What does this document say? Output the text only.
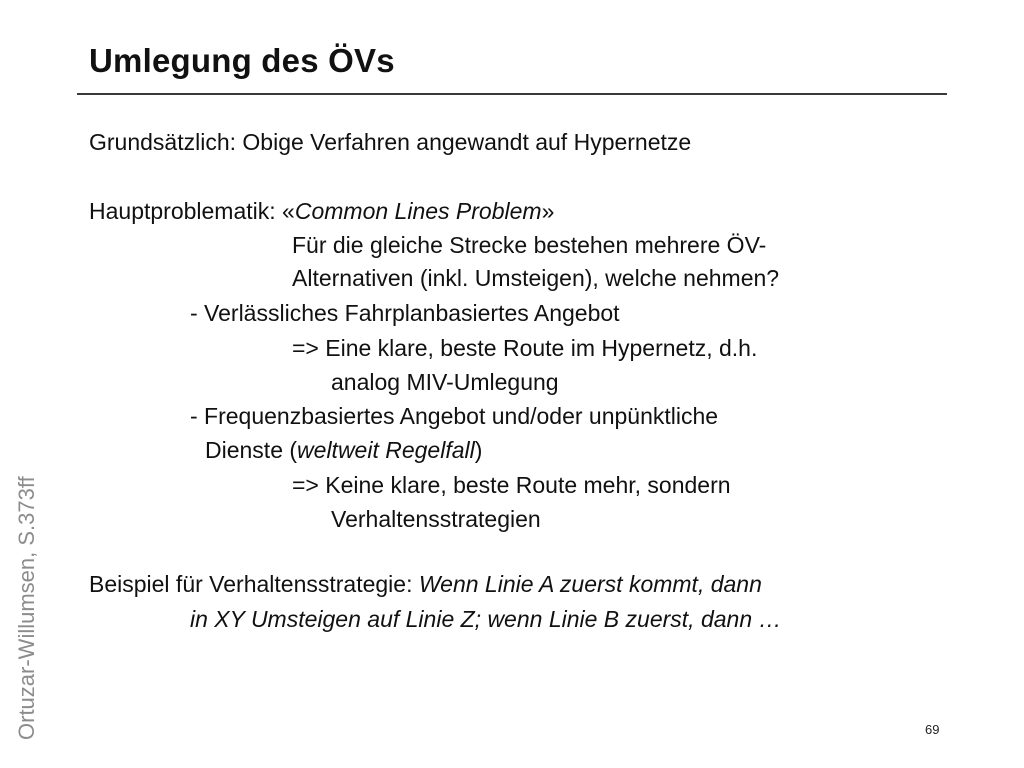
Umlegung des ÖVs
Grundsätzlich: Obige Verfahren angewandt auf Hypernetze
Hauptproblematik: «Common Lines Problem»
Für die gleiche Strecke bestehen mehrere ÖV-
Alternativen (inkl. Umsteigen), welche nehmen?
- Verlässliches Fahrplanbasiertes Angebot
=> Eine klare, beste Route im Hypernetz, d.h.
analog MIV-Umlegung
- Frequenzbasiertes Angebot und/oder unpünktliche
Dienste (weltweit Regelfall)
=> Keine klare, beste Route mehr, sondern
Verhaltensstrategien
Beispiel für Verhaltensstrategie: Wenn Linie A zuerst kommt, dann
in XY Umsteigen auf Linie Z; wenn Linie B zuerst, dann …
Ortuzar-Willumsen, S.373ff	69
